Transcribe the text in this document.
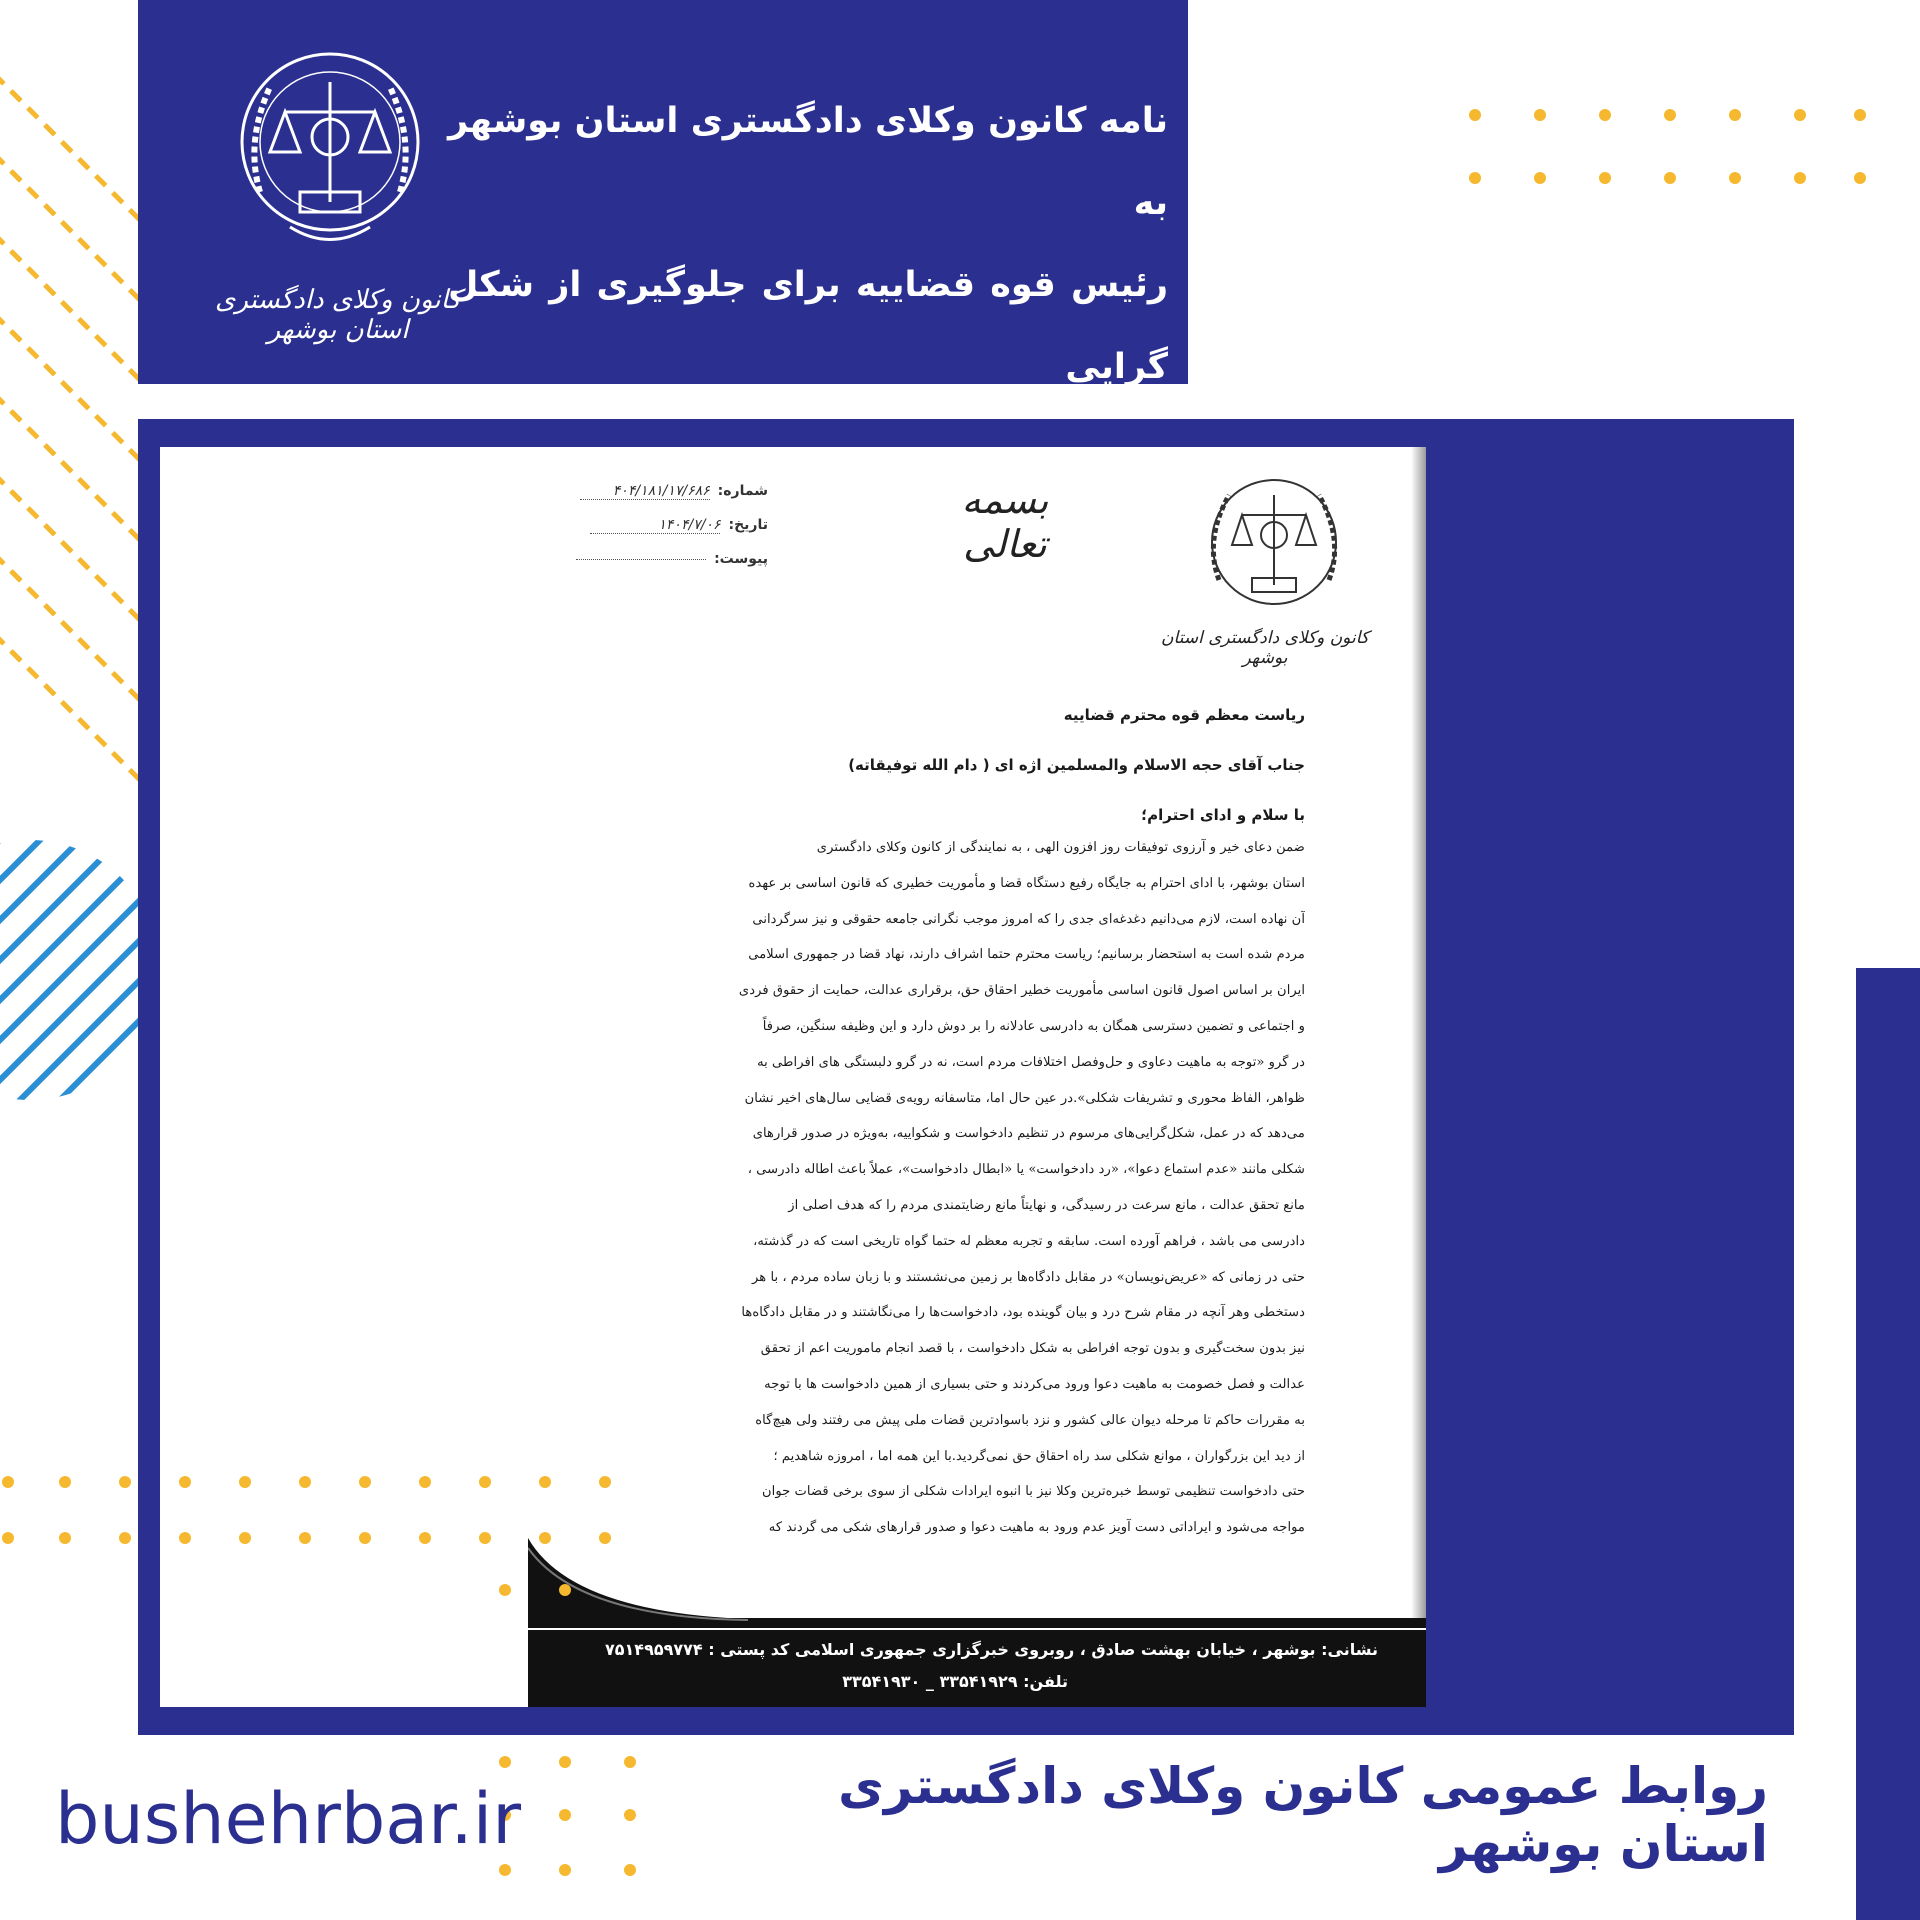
کانون وکلای دادگستری استان بوشهر
نامه کانون وکلای دادگستری استان بوشهر به
رئیس قوه قضاییه برای جلوگیری از شکل گرایی
شماره:
۴۰۴/۱۸۱/۱۷/۶۸۶
تاریخ:
۱۴۰۴/۷/۰۶
پیوست:
بسمه تعالی
کانون وکلای دادگستری استان بوشهر
ریاست معظم قوه محترم قضاییه
جناب آقای حجه الاسلام والمسلمین اژه ای ( دام الله توفیقاته)
با سلام و ادای احترام؛
ضمن دعای خیر و آرزوی توفیقات روز افزون الهی ، به نمایندگی از کانون وکلای دادگستری
استان بوشهر، با ادای احترام به جایگاه رفیع دستگاه قضا و مأموریت خطیری که قانون اساسی بر عهده
آن نهاده است، لازم می‌دانیم دغدغه‌ای جدی را که امروز موجب نگرانی جامعه حقوقی و نیز سرگردانی
مردم شده است به استحضار برسانیم؛ ریاست محترم حتما اشراف دارند، نهاد قضا در جمهوری اسلامی
ایران بر اساس اصول قانون اساسی مأموریت خطیر احقاق حق، برقراری عدالت، حمایت از حقوق فردی
و اجتماعی و تضمین دسترسی همگان به دادرسی عادلانه را بر دوش دارد و این وظیفه سنگین، صرفاً
در گرو «توجه به ماهیت دعاوی و حل‌وفصل اختلافات مردم است، نه در گرو دلبستگی های افراطی به
ظواهر، الفاظ محوری و تشریفات شکلی».در عین حال اما، متاسفانه رویه‌ی قضایی سال‌های اخیر نشان
می‌دهد که در عمل، شکل‌گرایی‌های مرسوم در تنظیم دادخواست و شکواییه، به‌ویژه در صدور قرارهای
شکلی مانند «عدم استماع دعوا»، «رد دادخواست» یا «ابطال دادخواست»، عملاً باعث اطاله دادرسی ،
مانع تحقق عدالت ، مانع سرعت در رسیدگی، و نهایتاً مانع رضایتمندی مردم را که هدف اصلی از
دادرسی می باشد ، فراهم آورده است. سابقه و تجربه معظم له حتما گواه تاریخی است که در گذشته،
حتی در زمانی که «عریض‌نویسان» در مقابل دادگاه‌ها بر زمین می‌نشستند و با زبان ساده مردم ، با هر
دستخطی وهر آنچه در مقام شرح درد و بیان گوینده بود، دادخواست‌ها را می‌نگاشتند و در مقابل دادگاه‌ها
نیز بدون سخت‌گیری و بدون توجه افراطی به شکل دادخواست ، با قصد انجام ماموریت اعم از تحقق
عدالت و فصل خصومت به ماهیت دعوا ورود می‌کردند و حتی بسیاری از همین دادخواست ها با توجه
به مقررات حاکم تا مرحله دیوان عالی کشور و نزد باسوادترین قضات ملی پیش می رفتند ولی هیچ‌گاه
از دید این بزرگواران ، موانع شکلی سد راه احقاق حق نمی‌گردید.با این همه اما ، امروزه شاهدیم ؛
حتی دادخواست تنظیمی توسط خبره‌ترین وکلا نیز با انبوه ایرادات شکلی از سوی برخی قضات جوان
مواجه می‌شود و ایراداتی دست آویز عدم ورود به ماهیت دعوا و صدور قرارهای شکی می گردند که
نشانی: بوشهر ، خیابان بهشت صادق ، روبروی خبرگزاری جمهوری اسلامی کد پستی : ۷۵۱۴۹۵۹۷۷۴
تلفن: ۳۳۵۴۱۹۲۹ _ ۳۳۵۴۱۹۳۰
روابط عمومی کانون وکلای دادگستری استان بوشهر
bushehrbar.ir
